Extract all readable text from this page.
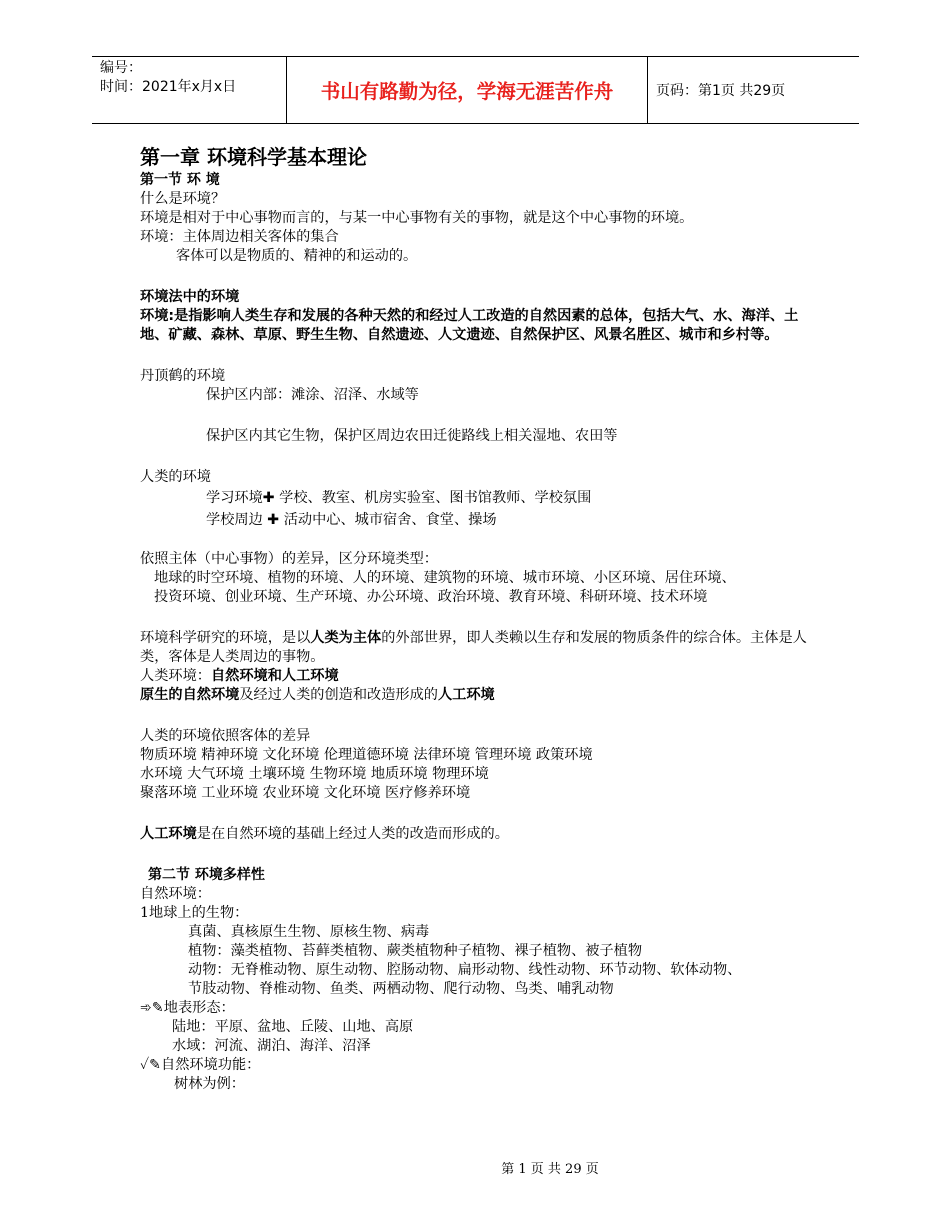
编号：
时间：2021年x月x日	书山有路勤为径，学海无涯苦作舟	页码：第1页 共29页
第一章 环境科学基本理论
第一节 环 境
什么是环境？
环境是相对于中心事物而言的，与某一中心事物有关的事物，就是这个中心事物的环境。
环境：主体周边相关客体的集合
客体可以是物质的、精神的和运动的。
环境法中的环境
环境:是指影响人类生存和发展的各种天然的和经过人工改造的自然因素的总体，包括大气、水、海洋、土地、矿藏、森林、草原、野生生物、自然遗迹、人文遗迹、自然保护区、风景名胜区、城市和乡村等。
丹顶鹤的环境
保护区内部：滩涂、沼泽、水域等
保护区内其它生物，保护区周边农田迁徙路线上相关湿地、农田等
人类的环境
学习环境✚ 学校、教室、机房实验室、图书馆教师、学校氛围
学校周边 ✚ 活动中心、城市宿舍、食堂、操场
依照主体（中心事物）的差异，区分环境类型：
地球的时空环境、植物的环境、人的环境、建筑物的环境、城市环境、小区环境、居住环境、
投资环境、创业环境、生产环境、办公环境、政治环境、教育环境、科研环境、技术环境
环境科学研究的环境，是以人类为主体的外部世界，即人类赖以生存和发展的物质条件的综合体。主体是人类，客体是人类周边的事物。
人类环境：自然环境和人工环境
原生的自然环境及经过人类的创造和改造形成的人工环境
人类的环境依照客体的差异
物质环境 精神环境 文化环境 伦理道德环境 法律环境 管理环境 政策环境
水环境 大气环境 土壤环境 生物环境 地质环境 物理环境
聚落环境 工业环境 农业环境 文化环境 医疗修养环境
人工环境是在自然环境的基础上经过人类的改造而形成的。
第二节 环境多样性
自然环境：
1地球上的生物：
真菌、真核原生生物、原核生物、病毒
植物：藻类植物、苔藓类植物、蕨类植物种子植物、裸子植物、被子植物
动物：无脊椎动物、原生动物、腔肠动物、扁形动物、线性动物、环节动物、软体动物、
节肢动物、脊椎动物、鱼类、两栖动物、爬行动物、鸟类、哺乳动物
➾✎地表形态：
陆地：平原、盆地、丘陵、山地、高原
水域：河流、湖泊、海洋、沼泽
✓✎自然环境功能：
树林为例：
第 1 页 共 29 页
